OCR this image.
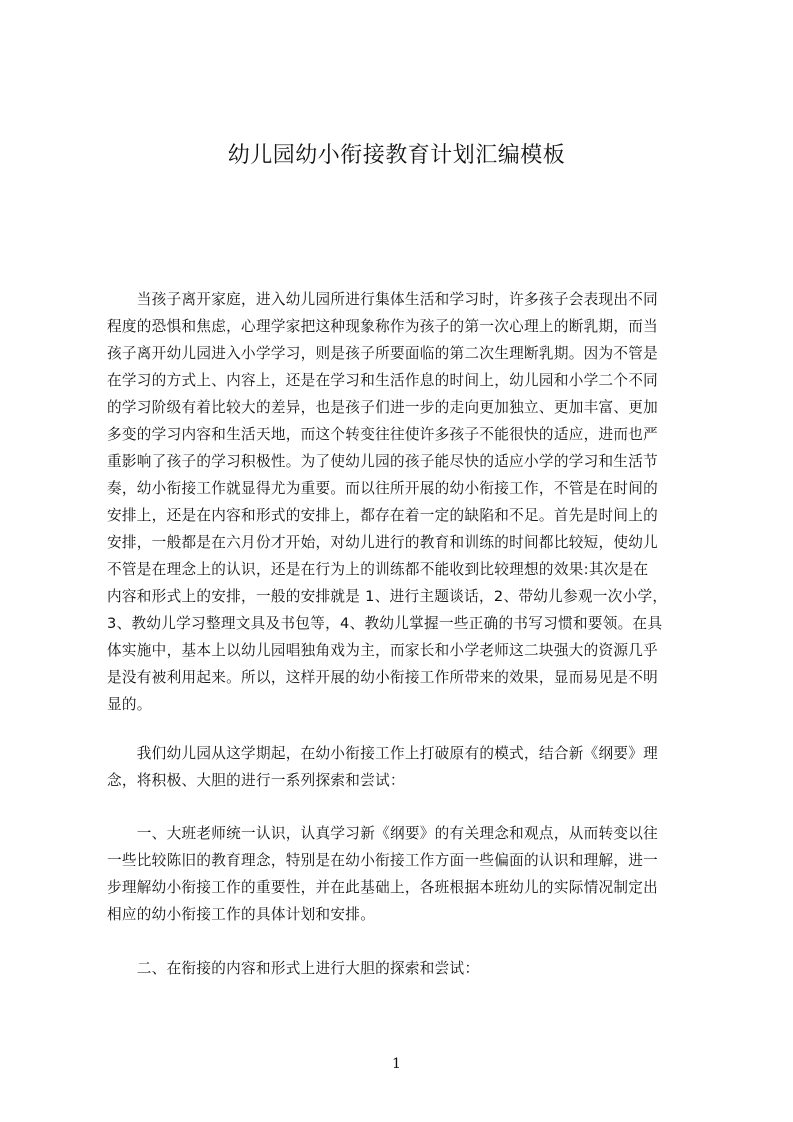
幼儿园幼小衔接教育计划汇编模板
　　当孩子离开家庭，进入幼儿园所进行集体生活和学习时，许多孩子会表现出不同
程度的恐惧和焦虑，心理学家把这种现象称作为孩子的第一次心理上的断乳期，而当
孩子离开幼儿园进入小学学习，则是孩子所要面临的第二次生理断乳期。因为不管是
在学习的方式上、内容上，还是在学习和生活作息的时间上，幼儿园和小学二个不同
的学习阶级有着比较大的差异，也是孩子们进一步的走向更加独立、更加丰富、更加
多变的学习内容和生活天地，而这个转变往往使许多孩子不能很快的适应，进而也严
重影响了孩子的学习积极性。为了使幼儿园的孩子能尽快的适应小学的学习和生活节
奏，幼小衔接工作就显得尤为重要。而以往所开展的幼小衔接工作，不管是在时间的
安排上，还是在内容和形式的安排上，都存在着一定的缺陷和不足。首先是时间上的
安排，一般都是在六月份才开始，对幼儿进行的教育和训练的时间都比较短，使幼儿
不管是在理念上的认识，还是在行为上的训练都不能收到比较理想的效果:其次是在
内容和形式上的安排，一般的安排就是 1、进行主题谈话，2、带幼儿参观一次小学，
3、教幼儿学习整理文具及书包等，4、教幼儿掌握一些正确的书写习惯和要领。在具
体实施中，基本上以幼儿园唱独角戏为主，而家长和小学老师这二块强大的资源几乎
是没有被利用起来。所以，这样开展的幼小衔接工作所带来的效果，显而易见是不明
显的。
　　我们幼儿园从这学期起，在幼小衔接工作上打破原有的模式，结合新《纲要》理
念，将积极、大胆的进行一系列探索和尝试：
　　一、大班老师统一认识，认真学习新《纲要》的有关理念和观点，从而转变以往
一些比较陈旧的教育理念，特别是在幼小衔接工作方面一些偏面的认识和理解，进一
步理解幼小衔接工作的重要性，并在此基础上，各班根据本班幼儿的实际情况制定出
相应的幼小衔接工作的具体计划和安排。
　　二、在衔接的内容和形式上进行大胆的探索和尝试：
1
